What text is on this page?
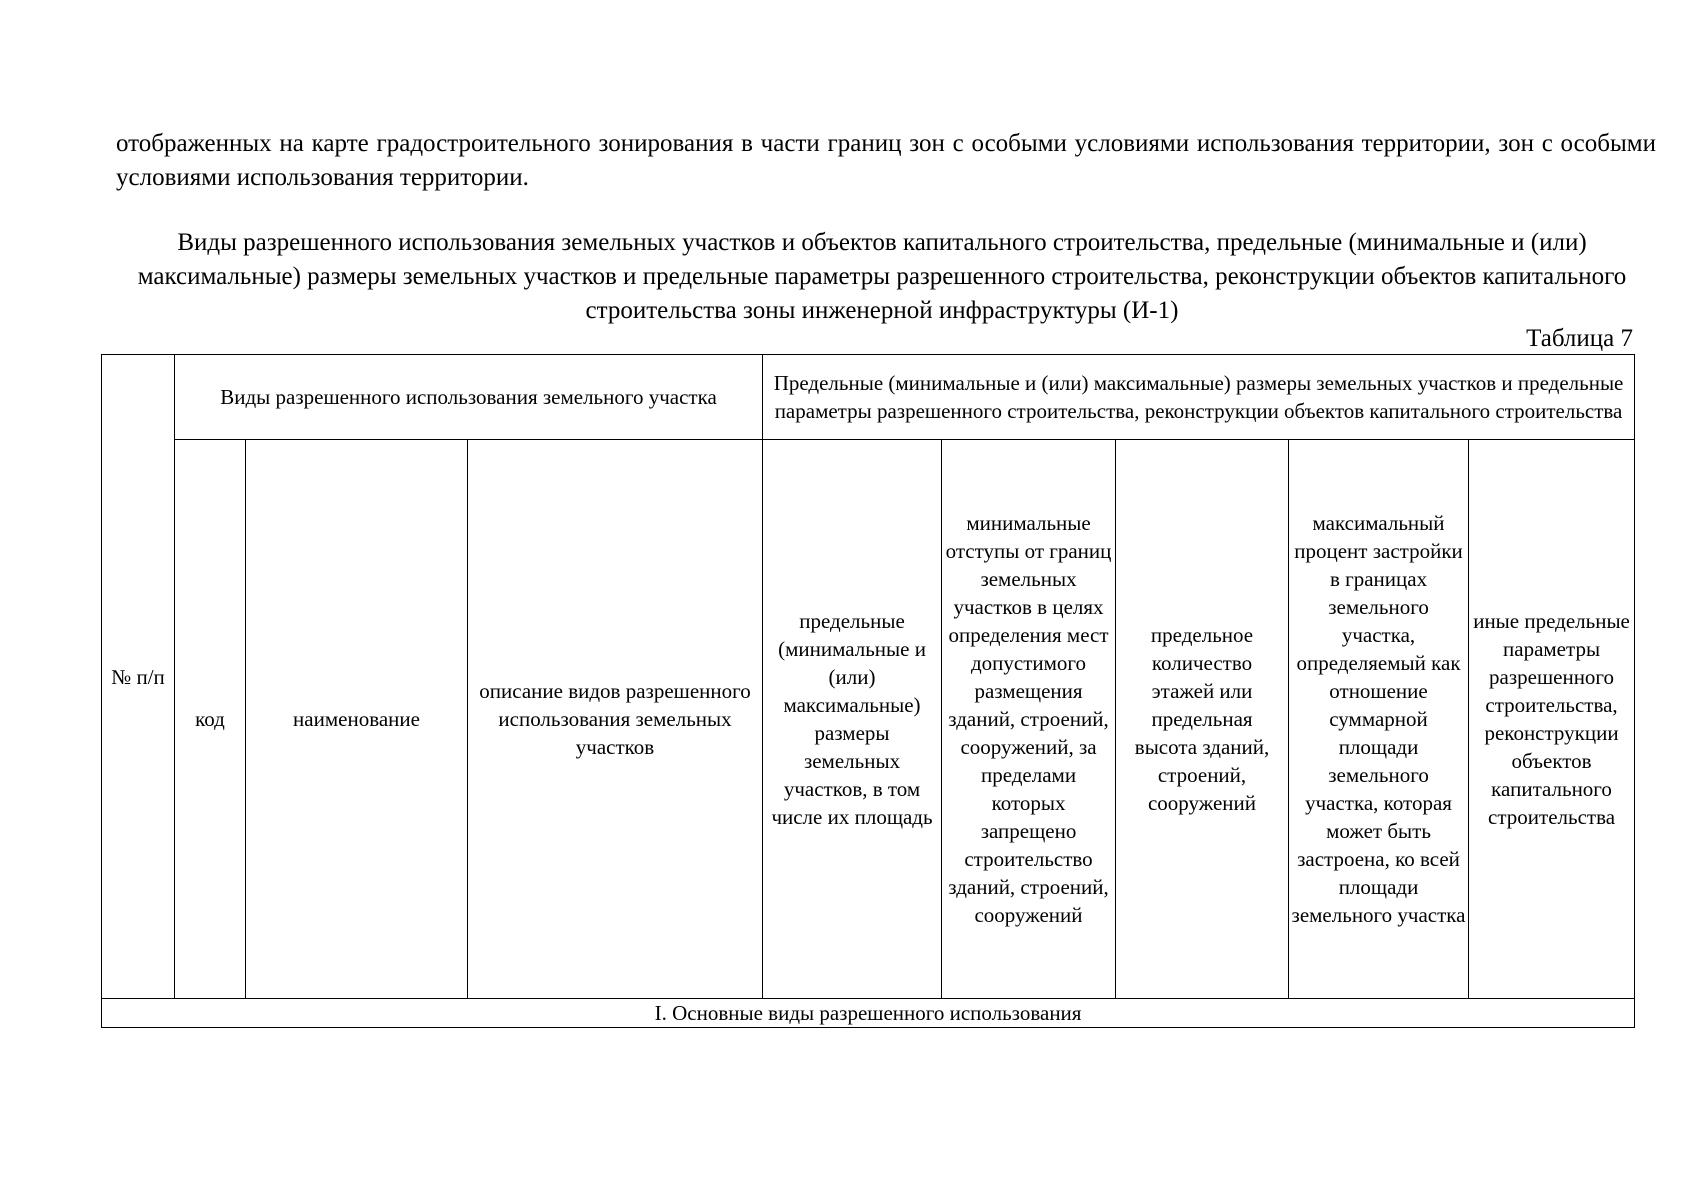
отображенных на карте градостроительного зонирования в части границ зон с особыми условиями использования территории, зон с особыми условиями использования территории.

Виды разрешенного использования земельных участков и объектов капитального строительства, предельные (минимальные и (или) максимальные) размеры земельных участков и предельные параметры разрешенного строительства, реконструкции объектов капитального строительства зоны инженерной инфраструктуры (И-1)

Таблица 7

№ п/п	Виды разрешенного использования земельного участка			Предельные (минимальные и (или) максимальные) размеры земельных участков и предельные параметры разрешенного строительства, реконструкции объектов капитального строительства				
	код	наименование	описание видов разрешенного использования земельных участков	предельные (минимальные и (или) максимальные) размеры земельных участков, в том числе их площадь	минимальные отступы от границ земельных участков в целях определения мест допустимого размещения зданий, строений, сооружений, за пределами которых запрещено строительство зданий, строений, сооружений	предельное количество этажей или предельная высота зданий, строений, сооружений	максимальный процент застройки в границах земельного участка, определяемый как отношение суммарной площади земельного участка, которая может быть застроена, ко всей площади земельного участка	иные предельные параметры разрешенного строительства, реконструкции объектов капитального строительства
I. Основные виды разрешенного использования								
